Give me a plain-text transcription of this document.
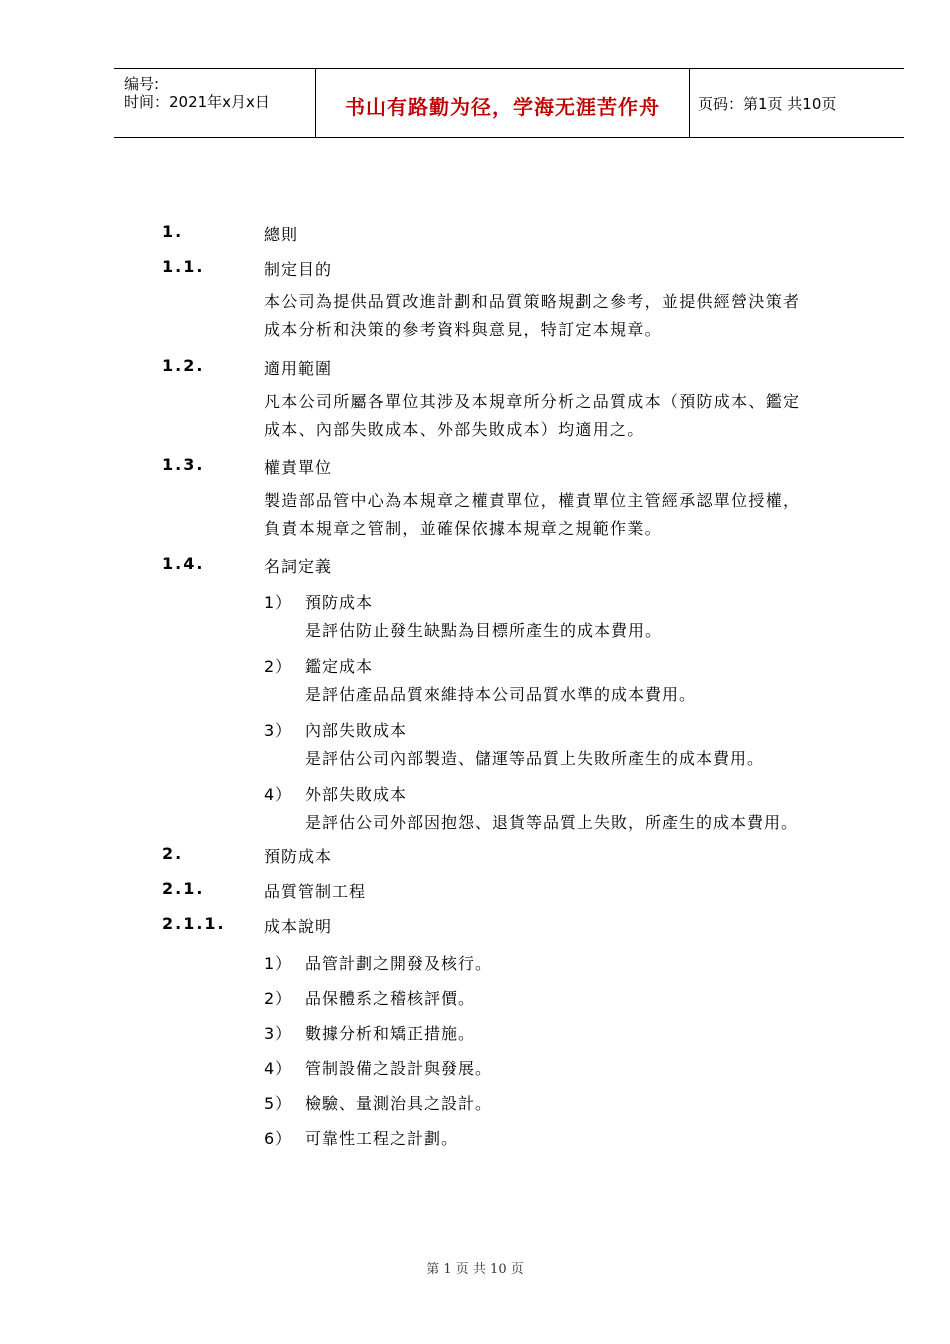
编号:
时间：2021年x月x日	书山有路勤为径，学海无涯苦作舟	页码：第1页 共10页
1.	總則
1.1.	制定目的
本公司為提供品質改進計劃和品質策略規劃之參考，並提供經營決策者
成本分析和決策的參考資料與意見，特訂定本規章。
1.2.	適用範圍
凡本公司所屬各單位其涉及本規章所分析之品質成本（預防成本、鑑定
成本、內部失敗成本、外部失敗成本）均適用之。
1.3.	權責單位
製造部品管中心為本規章之權責單位，權責單位主管經承認單位授權，
負責本規章之管制，並確保依據本規章之規範作業。
1.4.	名詞定義
1） 預防成本
是評估防止發生缺點為目標所產生的成本費用。
2） 鑑定成本
是評估產品品質來維持本公司品質水準的成本費用。
3） 內部失敗成本
是評估公司內部製造、儲運等品質上失敗所產生的成本費用。
4） 外部失敗成本
是評估公司外部因抱怨、退貨等品質上失敗，所產生的成本費用。
2.	預防成本
2.1.	品質管制工程
2.1.1. 成本說明
1） 品管計劃之開發及核行。
2） 品保體系之稽核評價。
3） 數據分析和矯正措施。
4） 管制設備之設計與發展。
5） 檢驗、量測治具之設計。
6） 可靠性工程之計劃。
第 1 页 共 10 页
